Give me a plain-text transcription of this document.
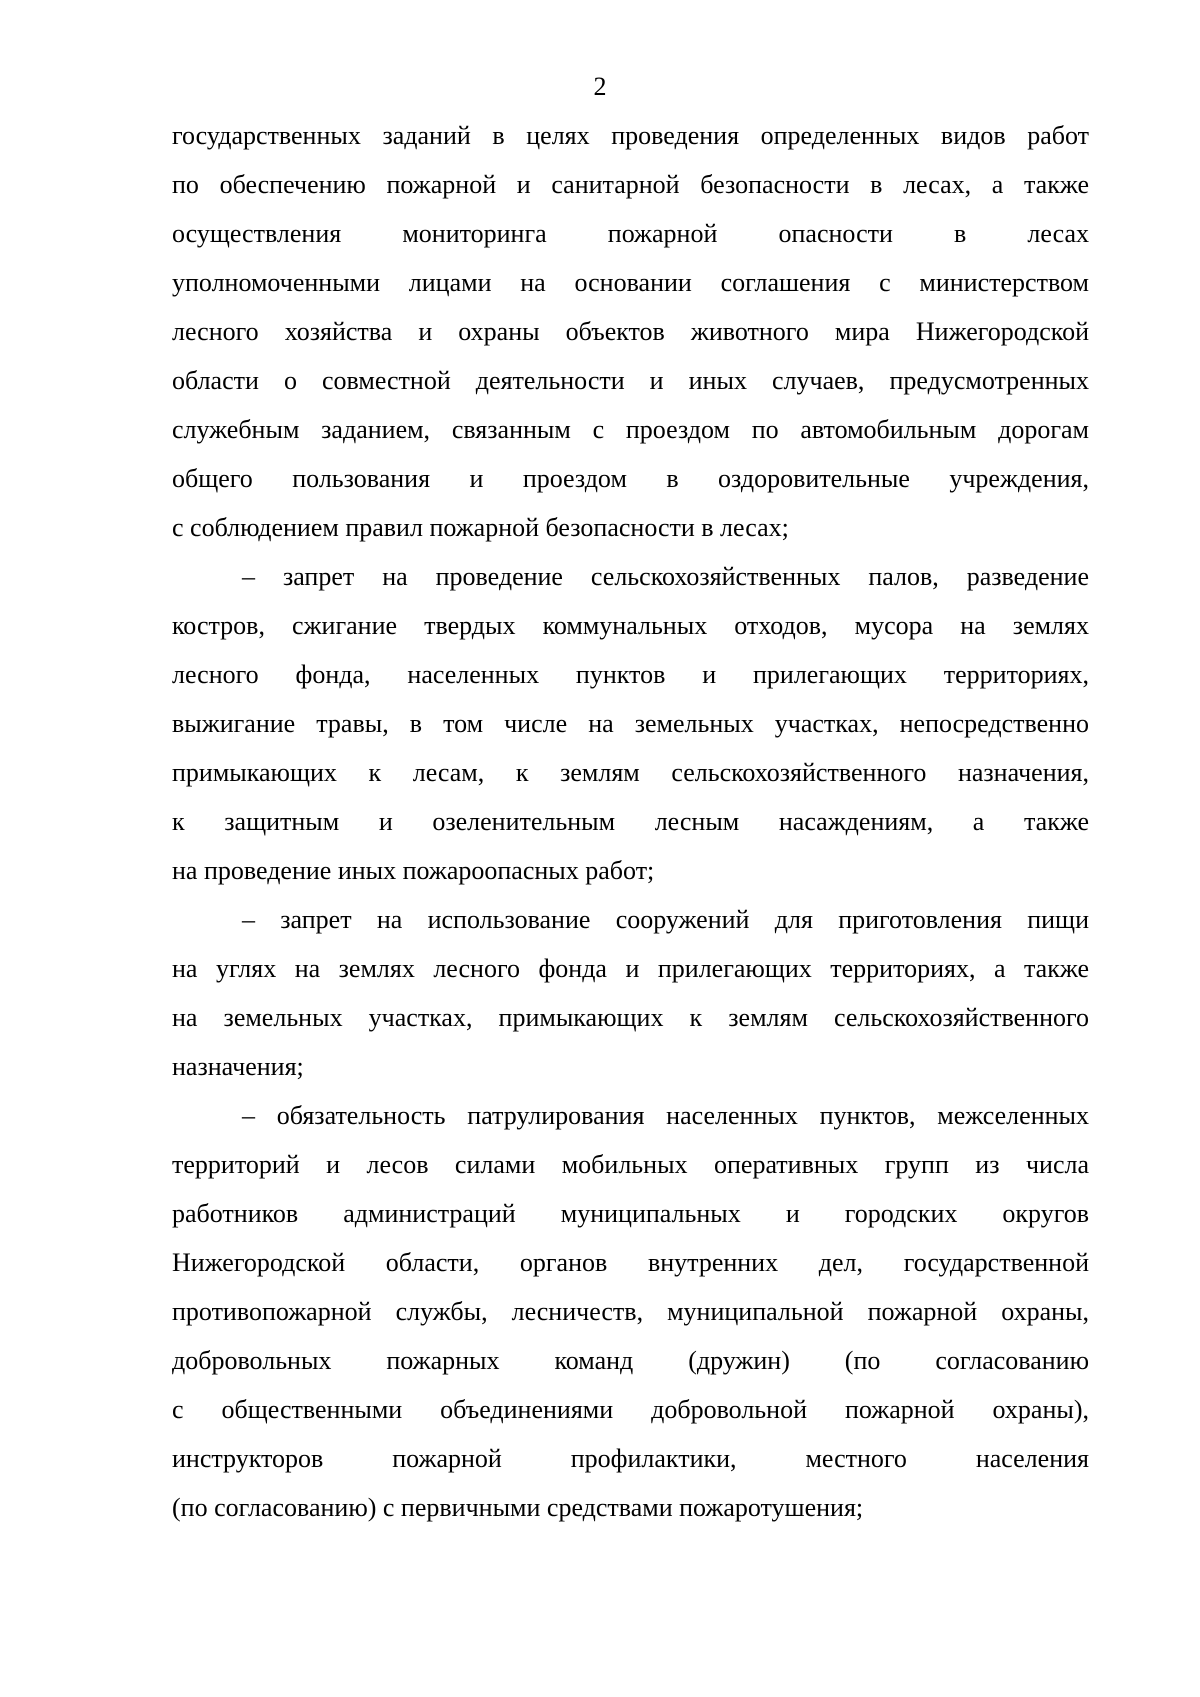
2
государственных заданий в целях проведения определенных видов работ
по обеспечению пожарной и санитарной безопасности в лесах, а также
осуществления мониторинга пожарной опасности в лесах
уполномоченными лицами на основании соглашения с министерством
лесного хозяйства и охраны объектов животного мира Нижегородской
области о совместной деятельности и иных случаев, предусмотренных
служебным заданием, связанным с проездом по автомобильным дорогам
общего пользования и проездом в оздоровительные учреждения,
с соблюдением правил пожарной безопасности в лесах;
– запрет на проведение сельскохозяйственных палов, разведение
костров, сжигание твердых коммунальных отходов, мусора на землях
лесного фонда, населенных пунктов и прилегающих территориях,
выжигание травы, в том числе на земельных участках, непосредственно
примыкающих к лесам, к землям сельскохозяйственного назначения,
к защитным и озеленительным лесным насаждениям, а также
на проведение иных пожароопасных работ;
– запрет на использование сооружений для приготовления пищи
на углях на землях лесного фонда и прилегающих территориях, а также
на земельных участках, примыкающих к землям сельскохозяйственного
назначения;
– обязательность патрулирования населенных пунктов, межселенных
территорий и лесов силами мобильных оперативных групп из числа
работников администраций муниципальных и городских округов
Нижегородской области, органов внутренних дел, государственной
противопожарной службы, лесничеств, муниципальной пожарной охраны,
добровольных пожарных команд (дружин) (по согласованию
с общественными объединениями добровольной пожарной охраны),
инструкторов пожарной профилактики, местного населения
(по согласованию) с первичными средствами пожаротушения;
